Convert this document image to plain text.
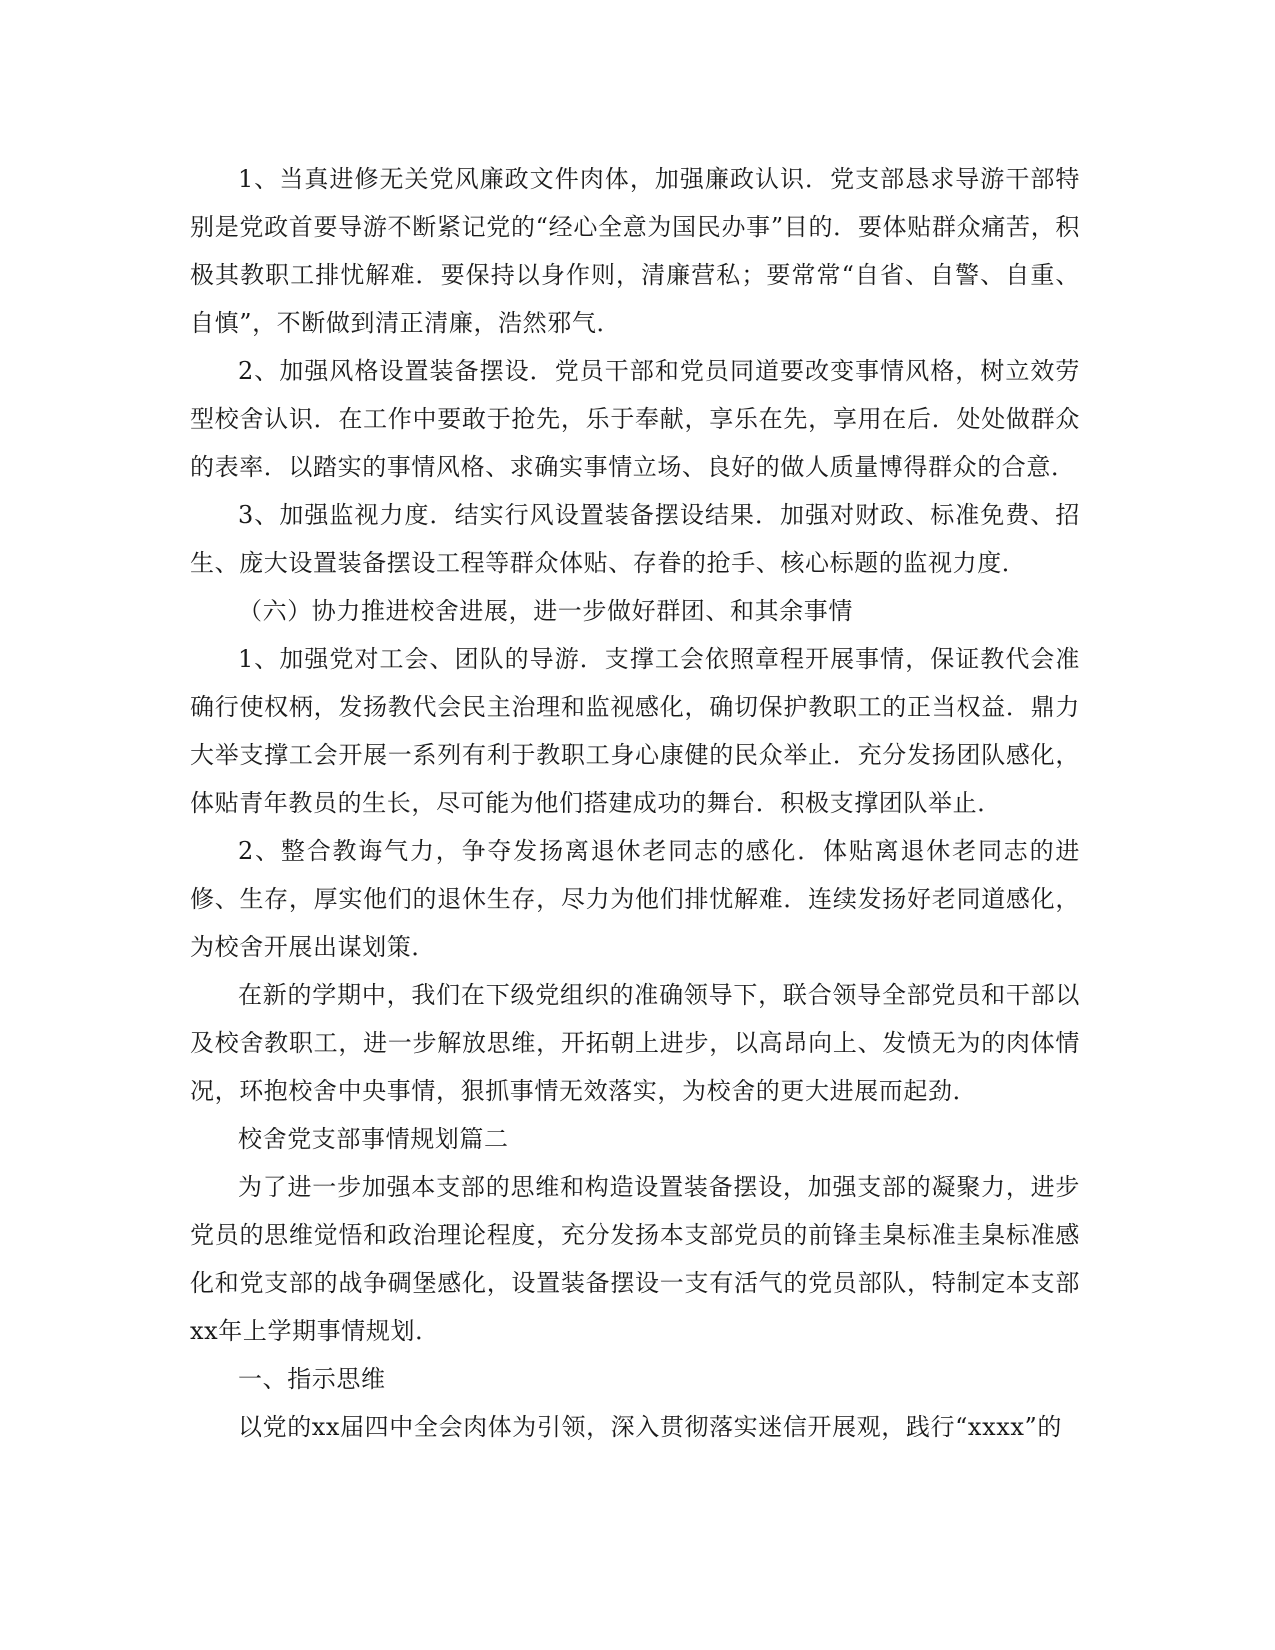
1、当真进修无关党风廉政文件肉体，加强廉政认识．党支部恳求导游干部特别是党政首要导游不断紧记党的“经心全意为国民办事”目的．要体贴群众痛苦，积极其教职工排忧解难．要保持以身作则，清廉营私；要常常“自省、自警、自重、自慎”，不断做到清正清廉，浩然邪气．

2、加强风格设置装备摆设．党员干部和党员同道要改变事情风格，树立效劳型校舍认识．在工作中要敢于抢先，乐于奉献，享乐在先，享用在后．处处做群众的表率．以踏实的事情风格、求确实事情立场、良好的做人质量博得群众的合意．

3、加强监视力度．结实行风设置装备摆设结果．加强对财政、标准免费、招生、庞大设置装备摆设工程等群众体贴、存眷的抢手、核心标题的监视力度．

（六）协力推进校舍进展，进一步做好群团、和其余事情

1、加强党对工会、团队的导游．支撑工会依照章程开展事情，保证教代会准确行使权柄，发扬教代会民主治理和监视感化，确切保护教职工的正当权益．鼎力大举支撑工会开展一系列有利于教职工身心康健的民众举止．充分发扬团队感化，体贴青年教员的生长，尽可能为他们搭建成功的舞台．积极支撑团队举止．

2、整合教诲气力，争夺发扬离退休老同志的感化．体贴离退休老同志的进修、生存，厚实他们的退休生存，尽力为他们排忧解难．连续发扬好老同道感化，为校舍开展出谋划策．

在新的学期中，我们在下级党组织的准确领导下，联合领导全部党员和干部以及校舍教职工，进一步解放思维，开拓朝上进步，以高昂向上、发愤无为的肉体情况，环抱校舍中央事情，狠抓事情无效落实，为校舍的更大进展而起劲．

校舍党支部事情规划篇二

为了进一步加强本支部的思维和构造设置装备摆设，加强支部的凝聚力，进步党员的思维觉悟和政治理论程度，充分发扬本支部党员的前锋圭臬标准圭臬标准感化和党支部的战争碉堡感化，设置装备摆设一支有活气的党员部队，特制定本支部xx年上学期事情规划．

一、指示思维

以党的xx届四中全会肉体为引领，深入贯彻落实迷信开展观，践行“xxxx”的
